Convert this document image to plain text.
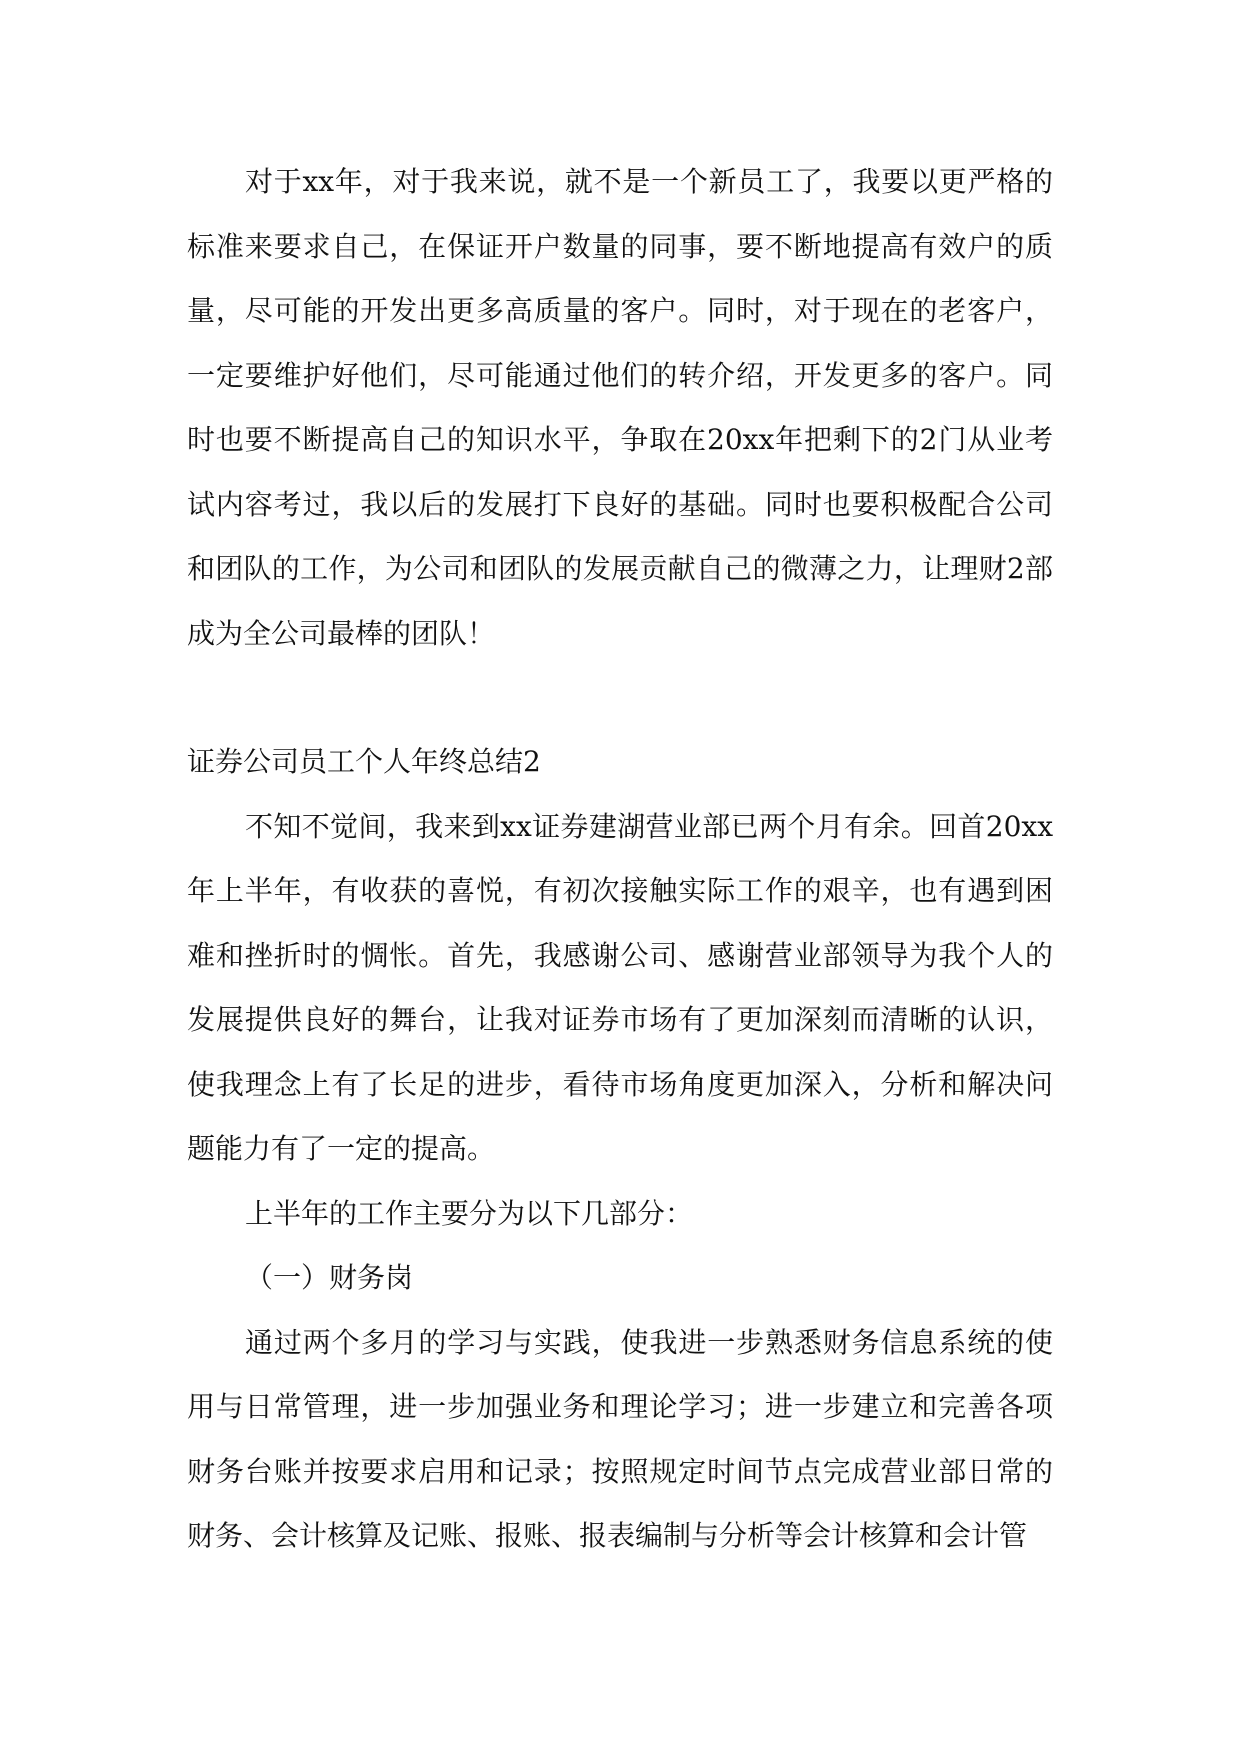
对于xx年，对于我来说，就不是一个新员工了，我要以更严格的标准来要求自己，在保证开户数量的同事，要不断地提高有效户的质量，尽可能的开发出更多高质量的客户。同时，对于现在的老客户，一定要维护好他们，尽可能通过他们的转介绍，开发更多的客户。同时也要不断提高自己的知识水平，争取在20xx年把剩下的2门从业考试内容考过，我以后的发展打下良好的基础。同时也要积极配合公司和团队的工作，为公司和团队的发展贡献自己的微薄之力，让理财2部成为全公司最棒的团队！

证券公司员工个人年终总结2

不知不觉间，我来到xx证券建湖营业部已两个月有余。回首20xx年上半年，有收获的喜悦，有初次接触实际工作的艰辛，也有遇到困难和挫折时的惆怅。首先，我感谢公司、感谢营业部领导为我个人的发展提供良好的舞台，让我对证券市场有了更加深刻而清晰的认识，使我理念上有了长足的进步，看待市场角度更加深入，分析和解决问题能力有了一定的提高。

上半年的工作主要分为以下几部分：

（一）财务岗

通过两个多月的学习与实践，使我进一步熟悉财务信息系统的使用与日常管理，进一步加强业务和理论学习；进一步建立和完善各项财务台账并按要求启用和记录；按照规定时间节点完成营业部日常的财务、会计核算及记账、报账、报表编制与分析等会计核算和会计管
